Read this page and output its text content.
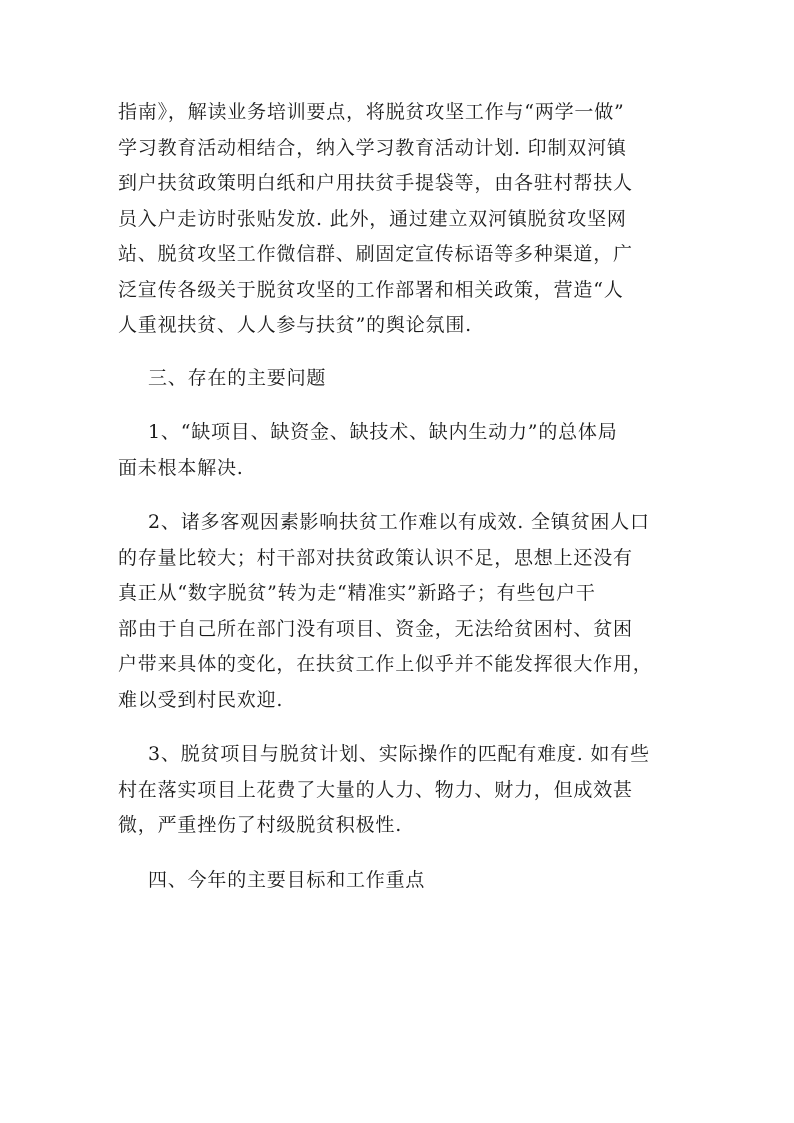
指南》，解读业务培训要点，将脱贫攻坚工作与“两学一做”
学习教育活动相结合，纳入学习教育活动计划. 印制双河镇
到户扶贫政策明白纸和户用扶贫手提袋等，由各驻村帮扶人
员入户走访时张贴发放. 此外，通过建立双河镇脱贫攻坚网
站、脱贫攻坚工作微信群、刷固定宣传标语等多种渠道，广
泛宣传各级关于脱贫攻坚的工作部署和相关政策，营造“人
人重视扶贫、人人参与扶贫”的舆论氛围.
三、存在的主要问题
1、“缺项目、缺资金、缺技术、缺内生动力”的总体局
面未根本解决.
2、诸多客观因素影响扶贫工作难以有成效. 全镇贫困人口
的存量比较大；村干部对扶贫政策认识不足，思想上还没有
真正从“数字脱贫”转为走“精准实”新路子；有些包户干
部由于自己所在部门没有项目、资金，无法给贫困村、贫困
户带来具体的变化，在扶贫工作上似乎并不能发挥很大作用，
难以受到村民欢迎.
3、脱贫项目与脱贫计划、实际操作的匹配有难度. 如有些
村在落实项目上花费了大量的人力、物力、财力，但成效甚
微，严重挫伤了村级脱贫积极性.
四、今年的主要目标和工作重点
